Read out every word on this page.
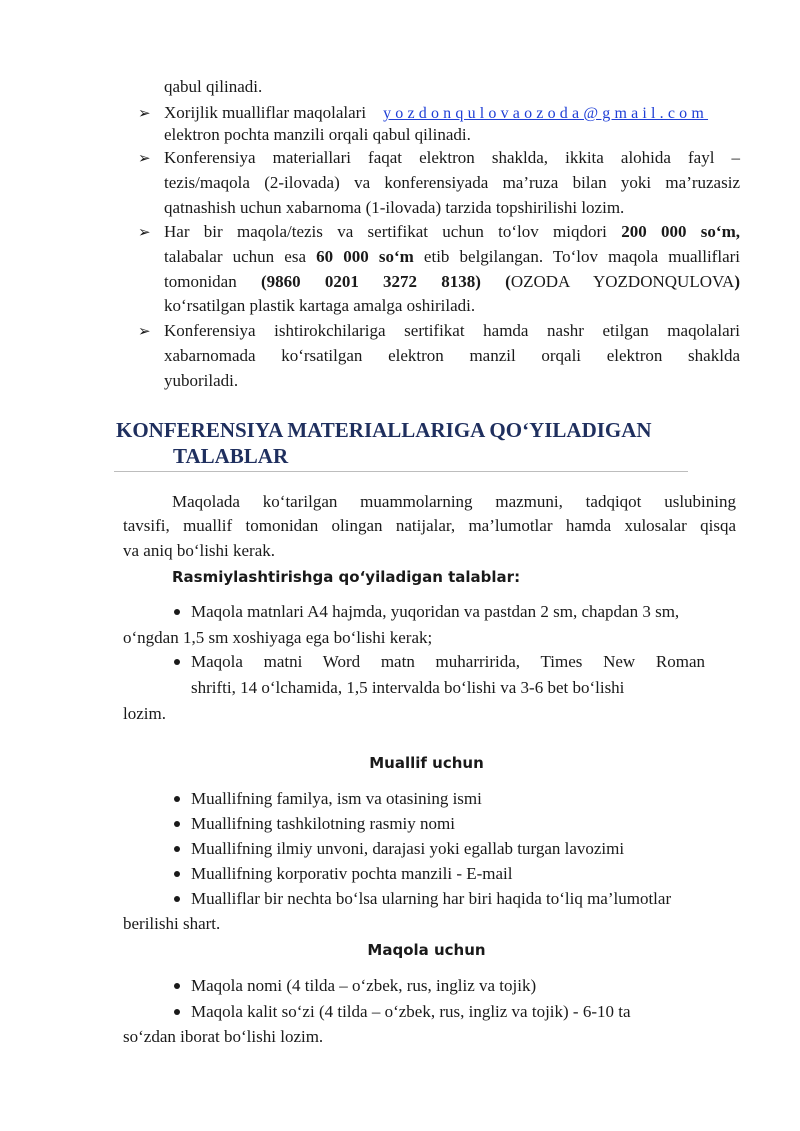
qabul qilinadi.
➢ Xorijlik mualliflar maqolalari yozdonqulovaozoda@gmail.com
elektron pochta manzili orqali qabul qilinadi.
➢ Konferensiya materiallari faqat elektron shaklda, ikkita alohida fayl –
tezis/maqola (2-ilovada) va konferensiyada ma’ruza bilan yoki ma’ruzasiz
qatnashish uchun xabarnoma (1-ilovada) tarzida topshirilishi lozim.
➢ Har bir maqola/tezis va sertifikat uchun to‘lov miqdori 200 000 so‘m,
talabalar uchun esa 60 000 so‘m etib belgilangan. To‘lov maqola mualliflari
tomonidan (9860 0201 3272 8138) (OZODA YOZDONQULOVA)
ko‘rsatilgan plastik kartaga amalga oshiriladi.
➢ Konferensiya ishtirokchilariga sertifikat hamda nashr etilgan maqolalari
xabarnomada ko‘rsatilgan elektron manzil orqali elektron shaklda
yuboriladi.
KONFERENSIYA MATERIALLARIGA QO‘YILADIGAN
TALABLAR
Maqolada ko‘tarilgan muammolarning mazmuni, tadqiqot uslubining
tavsifi, muallif tomonidan olingan natijalar, ma’lumotlar hamda xulosalar qisqa
va aniq bo‘lishi kerak.
Rasmiylashtirishga qo‘yiladigan talablar:
Maqola matnlari A4 hajmda, yuqoridan va pastdan 2 sm, chapdan 3 sm,
o‘ngdan 1,5 sm xoshiyaga ega bo‘lishi kerak;
Maqola matni Word matn muharririda, Times New Roman
shrifti, 14 o‘lchamida, 1,5 intervalda bo‘lishi va 3-6 bet bo‘lishi
lozim.
Muallif uchun
Muallifning familya, ism va otasining ismi
Muallifning tashkilotning rasmiy nomi
Muallifning ilmiy unvoni, darajasi yoki egallab turgan lavozimi
Muallifning korporativ pochta manzili - E-mail
Mualliflar bir nechta bo‘lsa ularning har biri haqida to‘liq ma’lumotlar
berilishi shart.
Maqola uchun
Maqola nomi (4 tilda – o‘zbek, rus, ingliz va tojik)
Maqola kalit so‘zi (4 tilda – o‘zbek, rus, ingliz va tojik) - 6-10 ta
so‘zdan iborat bo‘lishi lozim.
